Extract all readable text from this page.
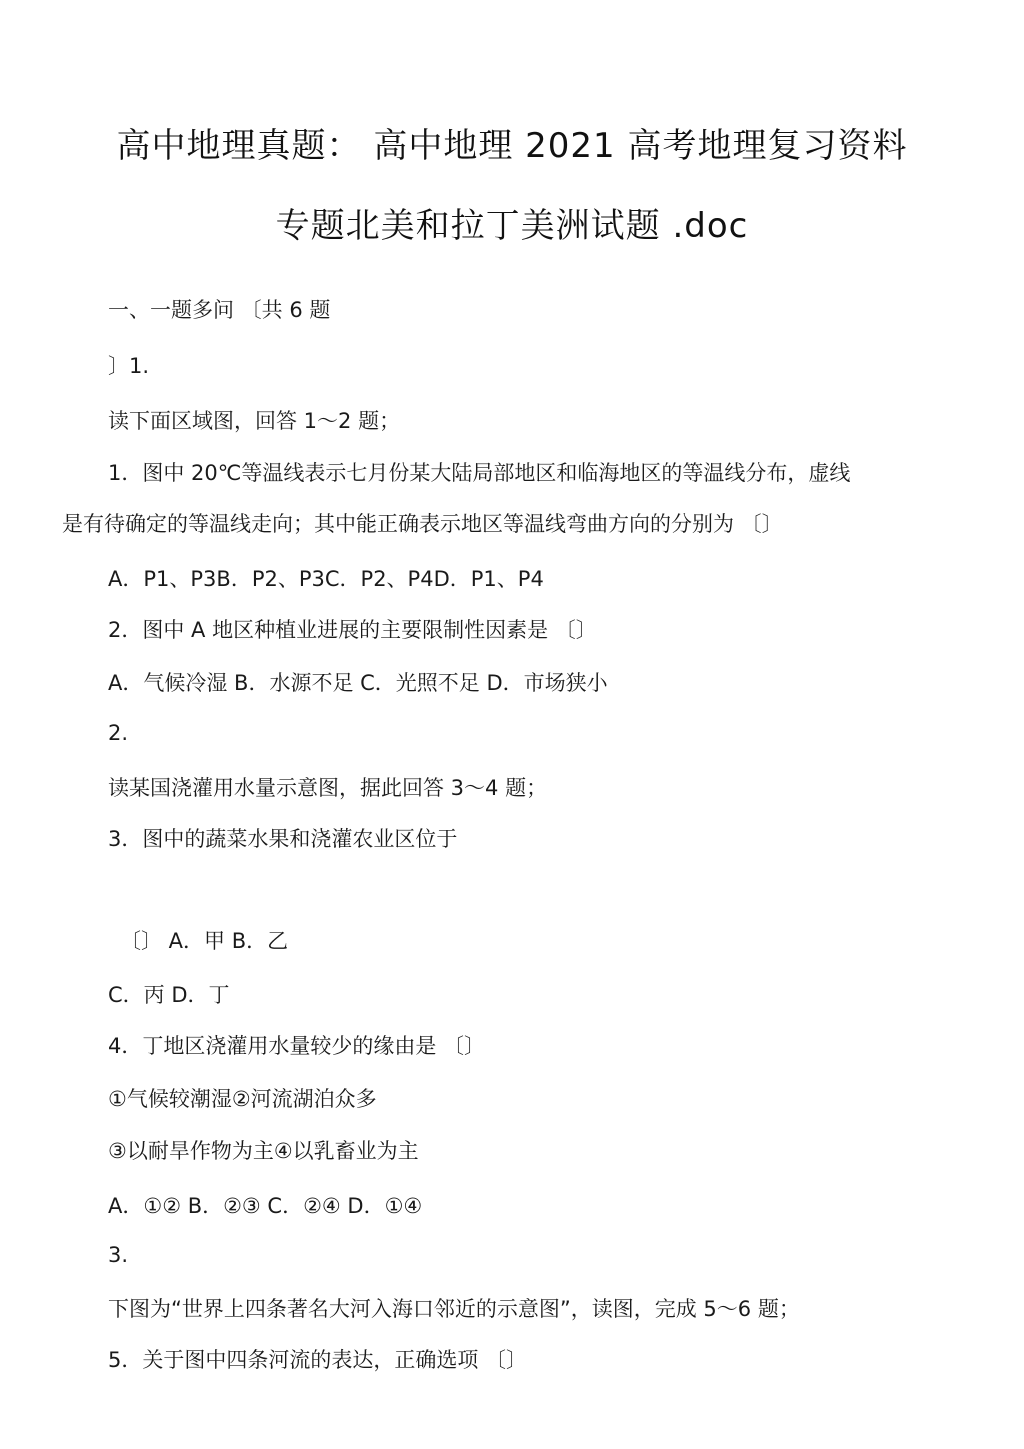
高中地理真题： 高中地理 2021 高考地理复习资料
专题北美和拉丁美洲试题 .doc
一、一题多问 〔共 6 题
〕1.
读下面区域图，回答 1～2 题；
1．图中 20℃等温线表示七月份某大陆局部地区和临海地区的等温线分布，虚线
是有待确定的等温线走向；其中能正确表示地区等温线弯曲方向的分别为 〔〕
A．P1、P3B．P2、P3C．P2、P4D．P1、P4
2．图中 A 地区种植业进展的主要限制性因素是 〔〕
A．气候冷湿 B．水源不足 C．光照不足 D．市场狭小
2.
读某国浇灌用水量示意图，据此回答 3～4 题；
3．图中的蔬菜水果和浇灌农业区位于
〔〕 A．甲 B．乙
C．丙 D．丁
4．丁地区浇灌用水量较少的缘由是 〔〕
①气候较潮湿②河流湖泊众多
③以耐旱作物为主④以乳畜业为主
A．①② B．②③ C．②④ D．①④
3.
下图为“世界上四条著名大河入海口邻近的示意图”，读图，完成 5～6 题；
5．关于图中四条河流的表达，正确选项 〔〕
